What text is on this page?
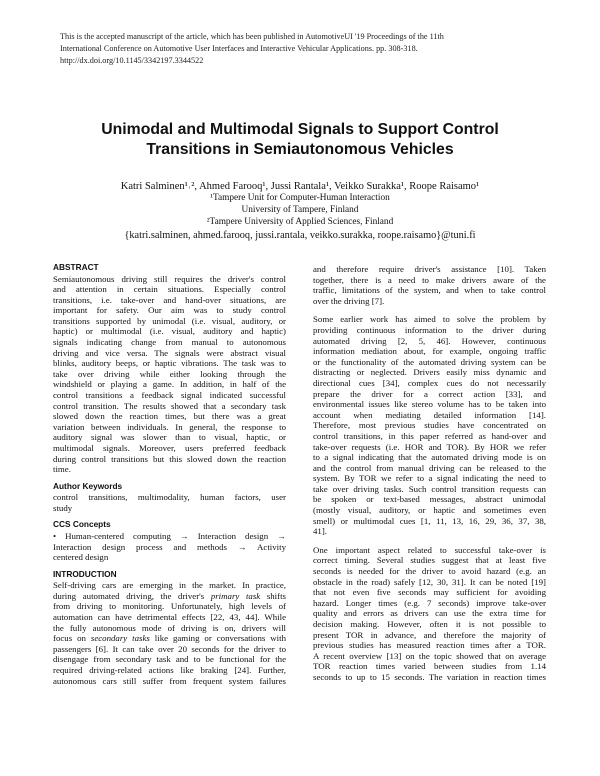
This is the accepted manuscript of the article, which has been published in AutomotiveUI '19 Proceedings of the 11th
International Conference on Automotive User Interfaces and Interactive Vehicular Applications. pp. 308-318.
http://dx.doi.org/10.1145/3342197.3344522
Unimodal and Multimodal Signals to Support Control
Transitions in Semiautonomous Vehicles
Katri Salminen¹˒², Ahmed Farooq¹, Jussi Rantala¹, Veikko Surakka¹, Roope Raisamo¹
¹Tampere Unit for Computer-Human Interaction
University of Tampere, Finland
²Tampere University of Applied Sciences, Finland
{katri.salminen, ahmed.farooq, jussi.rantala, veikko.surakka, roope.raisamo}@tuni.fi
ABSTRACT

Semiautonomous driving still requires the driver's control
and attention in certain situations. Especially control
transitions, i.e. take-over and hand-over situations, are
important for safety. Our aim was to study control
transitions supported by unimodal (i.e. visual, auditory, or
haptic) or multimodal (i.e. visual, auditory and haptic)
signals indicating change from manual to autonomous
driving and vice versa. The signals were abstract visual
blinks, auditory beeps, or haptic vibrations. The task was to
take over driving while either looking through the
windshield or playing a game. In addition, in half of the
control transitions a feedback signal indicated successful
control transition. The results showed that a secondary task
slowed down the reaction times, but there was a great
variation between individuals. In general, the response to
auditory signal was slower than to visual, haptic, or
multimodal signals. Moreover, users preferred feedback
during control transitions but this slowed down the reaction
time.

Author Keywords

control transitions, multimodality, human factors, user
study

CCS Concepts

• Human-centered computing → Interaction design →
Interaction design process and methods → Activity
centered design

INTRODUCTION

Self-driving cars are emerging in the market. In practice,
during automated driving, the driver's primary task shifts
from driving to monitoring. Unfortunately, high levels of
automation can have detrimental effects [22, 43, 44]. While
the fully autonomous mode of driving is on, drivers will
focus on secondary tasks like gaming or conversations with
passengers [6]. It can take over 20 seconds for the driver to
disengage from secondary task and to be functional for the
required driving-related actions like braking [24]. Further,
autonomous cars still suffer from frequent system failures

and therefore require driver's assistance [10]. Taken
together, there is a need to make drivers aware of the
traffic, limitations of the system, and when to take control
over the driving [7].

Some earlier work has aimed to solve the problem by
providing continuous information to the driver during
automated driving [2, 5, 46]. However, continuous
information mediation about, for example, ongoing traffic
or the functionality of the automated driving system can be
distracting or neglected. Drivers easily miss dynamic and
directional cues [34], complex cues do not necessarily
prepare the driver for a correct action [33], and
environmental issues like stereo volume has to be taken into
account when mediating detailed information [14].
Therefore, most previous studies have concentrated on
control transitions, in this paper referred as hand-over and
take-over requests (i.e. HOR and TOR). By HOR we refer
to a signal indicating that the automated driving mode is on
and the control from manual driving can be released to the
system. By TOR we refer to a signal indicating the need to
take over driving tasks. Such control transition requests can
be spoken or text-based messages, abstract unimodal
(mostly visual, auditory, or haptic and sometimes even
smell) or multimodal cues [1, 11, 13, 16, 29, 36, 37, 38,
41].

One important aspect related to successful take-over is
correct timing. Several studies suggest that at least five
seconds is needed for the driver to avoid hazard (e.g. an
obstacle in the road) safely [12, 30, 31]. It can be noted [19]
that not even five seconds may sufficient for avoiding
hazard. Longer times (e.g. 7 seconds) improve take-over
quality and errors as drivers can use the extra time for
decision making. However, often it is not possible to
present TOR in advance, and therefore the majority of
previous studies has measured reaction times after a TOR.
A recent overview [13] on the topic showed that on average
TOR reaction times varied between studies from 1.14
seconds to up to 15 seconds. The variation in reaction times
